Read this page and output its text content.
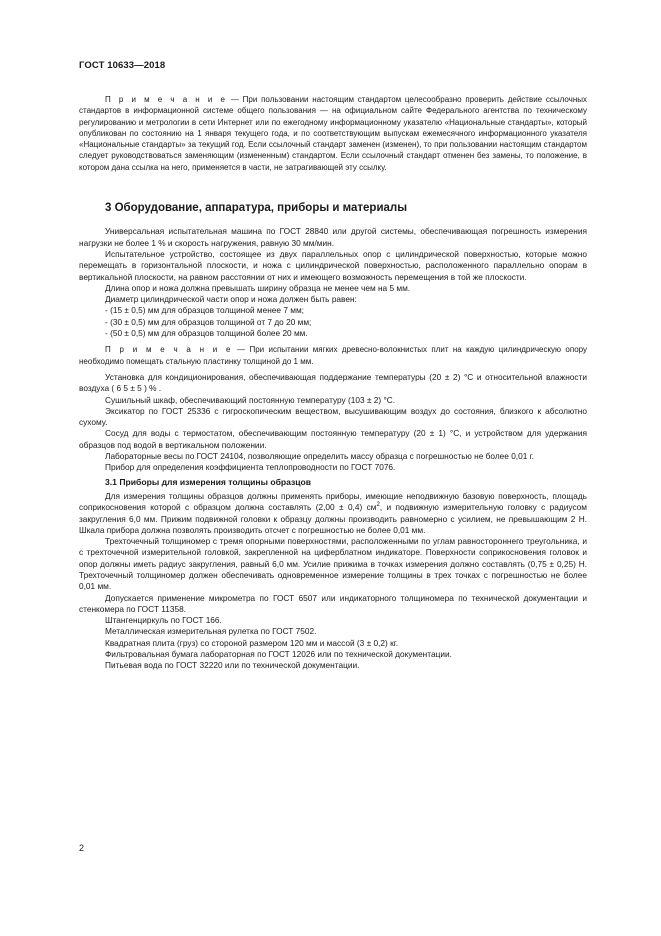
ГОСТ 10633—2018

П р и м е ч а н и е — При пользовании настоящим стандартом целесообразно проверить действие ссылочных стандартов в информационной системе общего пользования — на официальном сайте Федерального агентства по техническому регулированию и метрологии в сети Интернет или по ежегодному информационному указателю «Национальные стандарты», который опубликован по состоянию на 1 января текущего года, и по соответствующим выпускам ежемесячного информационного указателя «Национальные стандарты» за текущий год. Если ссылочный стандарт заменен (изменен), то при пользовании настоящим стандартом следует руководствоваться заменяющим (измененным) стандартом. Если ссылочный стандарт отменен без замены, то положение, в котором дана ссылка на него, применяется в части, не затрагивающей эту ссылку.

3 Оборудование, аппаратура, приборы и материалы

Универсальная испытательная машина по ГОСТ 28840 или другой системы, обеспечивающая погрешность измерения нагрузки не более 1 % и скорость нагружения, равную 30 мм/мин.

Испытательное устройство, состоящее из двух параллельных опор с цилиндрической поверхностью, которые можно перемещать в горизонтальной плоскости, и ножа с цилиндрической поверхностью, расположенного параллельно опорам в вертикальной плоскости, на равном расстоянии от них и имеющего возможность перемещения в той же плоскости.

Длина опор и ножа должна превышать ширину образца не менее чем на 5 мм.

Диаметр цилиндрической части опор и ножа должен быть равен:

- (15 ± 0,5) мм для образцов толщиной менее 7 мм;

- (30 ± 0,5) мм для образцов толщиной от 7 до 20 мм;

- (50 ± 0,5) мм для образцов толщиной более 20 мм.

П р и м е ч а н и е — При испытании мягких древесно-волокнистых плит на каждую цилиндрическую опору необходимо помещать стальную пластинку толщиной до 1 мм.

Установка для кондиционирования, обеспечивающая поддержание температуры (20 ± 2) °С и относительной влажности воздуха ( 6 5 ± 5 ) % .

Сушильный шкаф, обеспечивающий постоянную температуру (103 ± 2) °С.

Эксикатор по ГОСТ 25336 с гигроскопическим веществом, высушивающим воздух до состояния, близкого к абсолютно сухому.

Сосуд для воды с термостатом, обеспечивающим постоянную температуру (20 ± 1) °С, и устройством для удержания образцов под водой в вертикальном положении.

Лабораторные весы по ГОСТ 24104, позволяющие определить массу образца с погрешностью не более 0,01 г.

Прибор для определения коэффициента теплопроводности по ГОСТ 7076.

3.1 Приборы для измерения толщины образцов

Для измерения толщины образцов должны применять приборы, имеющие неподвижную базовую поверхность, площадь соприкосновения которой с образцом должна составлять (2,00 ± 0,4) $см^2$, и подвижную измерительную головку с радиусом закругления 6,0 мм. Прижим подвижной головки к образцу должны производить равномерно с усилием, не превышающим 2 Н. Шкала прибора должна позволять производить отсчет с погрешностью не более 0,01 мм.

Трехточечный толщиномер с тремя опорными поверхностями, расположенными по углам равностороннего треугольника, и с трехточечной измерительной головкой, закрепленной на циферблатном индикаторе. Поверхности соприкосновения головок и опор должны иметь радиус закругления, равный 6,0 мм. Усилие прижима в точках измерения должно составлять (0,75 ± 0,25) Н. Трехточечный толщиномер должен обеспечивать одновременное измерение толщины в трех точках с погрешностью не более 0,01 мм.

Допускается применение микрометра по ГОСТ 6507 или индикаторного толщиномера по технической документации и стенкомера по ГОСТ 11358.

Штангенциркуль по ГОСТ 166.

Металлическая измерительная рулетка по ГОСТ 7502.

Квадратная плита (груз) со стороной размером 120 мм и массой (3 ± 0,2) кг.

Фильтровальная бумага лабораторная по ГОСТ 12026 или по технической документации.

Питьевая вода по ГОСТ 32220 или по технической документации.

2
